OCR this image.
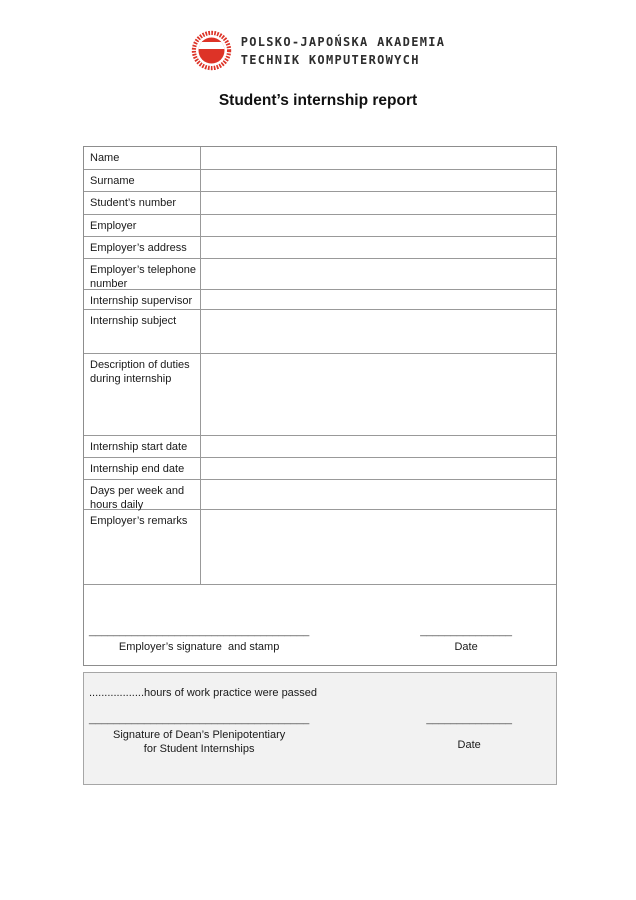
POLSKO-JAPOŃSKA AKADEMIA
TECHNIK KOMPUTEROWYCH
Student’s internship report
Name
Surname
Student’s number
Employer
Employer’s address
Employer’s telephone number
Internship supervisor
Internship subject
Description of duties during internship
Internship start date
Internship end date
Days per week and hours daily
Employer’s remarks
____________________________________
Employer’s signature  and stamp
_______________
Date
..................hours of work practice were passed
____________________________________
Signature of Dean’s Plenipotentiary
for Student Internships
______________
Date
